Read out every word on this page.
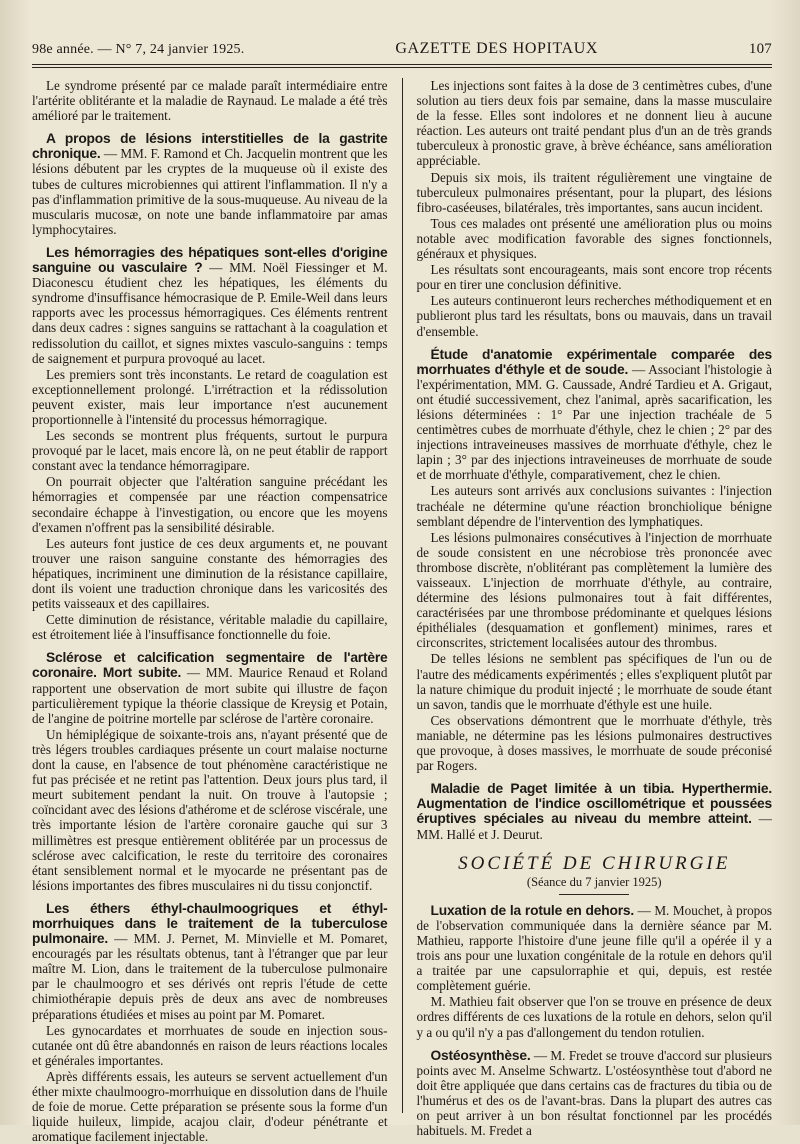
98e année. — N° 7, 24 janvier 1925.	GAZETTE DES HOPITAUX	107

Le syndrome présenté par ce malade paraît intermédiaire entre l'artérite oblitérante et la maladie de Raynaud. Le malade a été très amélioré par le traitement.

A propos de lésions interstitielles de la gastrite chronique. — MM. F. Ramond et Ch. Jacquelin montrent que les lésions débutent par les cryptes de la muqueuse où il existe des tubes de cultures microbiennes qui attirent l'inflammation. Il n'y a pas d'inflammation primitive de la sous-muqueuse. Au niveau de la muscularis mucosæ, on note une bande inflammatoire par amas lymphocytaires.

Les hémorragies des hépatiques sont-elles d'origine sanguine ou vasculaire ? — MM. Noël Fiessinger et M. Diaconescu étudient chez les hépatiques, les éléments du syndrome d'insuffisance hémocrasique de P. Emile-Weil dans leurs rapports avec les processus hémorragiques. Ces éléments rentrent dans deux cadres : signes sanguins se rattachant à la coagulation et redissolution du caillot, et signes mixtes vasculo-sanguins : temps de saignement et purpura provoqué au lacet.

Les premiers sont très inconstants. Le retard de coagulation est exceptionnellement prolongé. L'irrétraction et la rédissolution peuvent exister, mais leur importance n'est aucunement proportionnelle à l'intensité du processus hémorragique.

Les seconds se montrent plus fréquents, surtout le purpura provoqué par le lacet, mais encore là, on ne peut établir de rapport constant avec la tendance hémorragipare.

On pourrait objecter que l'altération sanguine précédant les hémorragies et compensée par une réaction compensatrice secondaire échappe à l'investigation, ou encore que les moyens d'examen n'offrent pas la sensibilité désirable.

Les auteurs font justice de ces deux arguments et, ne pouvant trouver une raison sanguine constante des hémorragies des hépatiques, incriminent une diminution de la résistance capillaire, dont ils voient une traduction chronique dans les varicosités des petits vaisseaux et des capillaires.

Cette diminution de résistance, véritable maladie du capillaire, est étroitement liée à l'insuffisance fonctionnelle du foie.

Sclérose et calcification segmentaire de l'artère coronaire. Mort subite. — MM. Maurice Renaud et Roland rapportent une observation de mort subite qui illustre de façon particulièrement typique la théorie classique de Kreysig et Potain, de l'angine de poitrine mortelle par sclérose de l'artère coronaire.

Un hémiplégique de soixante-trois ans, n'ayant présenté que de très légers troubles cardiaques présente un court malaise nocturne dont la cause, en l'absence de tout phénomène caractéristique ne fut pas précisée et ne retint pas l'attention. Deux jours plus tard, il meurt subitement pendant la nuit. On trouve à l'autopsie ; coïncidant avec des lésions d'athérome et de sclérose viscérale, une très importante lésion de l'artère coronaire gauche qui sur 3 millimètres est presque entièrement oblitérée par un processus de sclérose avec calcification, le reste du territoire des coronaires étant sensiblement normal et le myocarde ne présentant pas de lésions importantes des fibres musculaires ni du tissu conjonctif.

Les éthers éthyl-chaulmoogriques et éthyl-morrhuiques dans le traitement de la tuberculose pulmonaire. — MM. J. Pernet, M. Minvielle et M. Pomaret, encouragés par les résultats obtenus, tant à l'étranger que par leur maître M. Lion, dans le traitement de la tuberculose pulmonaire par le chaulmoogro et ses dérivés ont repris l'étude de cette chimiothérapie depuis près de deux ans avec de nombreuses préparations étudiées et mises au point par M. Pomaret.

Les gynocardates et morrhuates de soude en injection sous-cutanée ont dû être abandonnés en raison de leurs réactions locales et générales importantes.

Après différents essais, les auteurs se servent actuellement d'un éther mixte chaulmoogro-morrhuique en dissolution dans de l'huile de foie de morue. Cette préparation se présente sous la forme d'un liquide huileux, limpide, acajou clair, d'odeur pénétrante et aromatique facilement injectable.

Les injections sont faites à la dose de 3 centimètres cubes, d'une solution au tiers deux fois par semaine, dans la masse musculaire de la fesse. Elles sont indolores et ne donnent lieu à aucune réaction. Les auteurs ont traité pendant plus d'un an de très grands tuberculeux à pronostic grave, à brève échéance, sans amélioration appréciable.

Depuis six mois, ils traitent régulièrement une vingtaine de tuberculeux pulmonaires présentant, pour la plupart, des lésions fibro-caséeuses, bilatérales, très importantes, sans aucun incident.

Tous ces malades ont présenté une amélioration plus ou moins notable avec modification favorable des signes fonctionnels, généraux et physiques.

Les résultats sont encourageants, mais sont encore trop récents pour en tirer une conclusion définitive.

Les auteurs continueront leurs recherches méthodiquement et en publieront plus tard les résultats, bons ou mauvais, dans un travail d'ensemble.

Étude d'anatomie expérimentale comparée des morrhuates d'éthyle et de soude. — Associant l'histologie à l'expérimentation, MM. G. Caussade, André Tardieu et A. Grigaut, ont étudié successivement, chez l'animal, après sacarification, les lésions déterminées : 1° Par une injection trachéale de 5 centimètres cubes de morrhuate d'éthyle, chez le chien ; 2° par des injections intraveineuses massives de morrhuate d'éthyle, chez le lapin ; 3° par des injections intraveineuses de morrhuate de soude et de morrhuate d'éthyle, comparativement, chez le chien.

Les auteurs sont arrivés aux conclusions suivantes : l'injection trachéale ne détermine qu'une réaction bronchiolique bénigne semblant dépendre de l'intervention des lymphatiques.

Les lésions pulmonaires consécutives à l'injection de morrhuate de soude consistent en une nécrobiose très prononcée avec thrombose discrète, n'oblitérant pas complètement la lumière des vaisseaux. L'injection de morrhuate d'éthyle, au contraire, détermine des lésions pulmonaires tout à fait différentes, caractérisées par une thrombose prédominante et quelques lésions épithéliales (desquamation et gonflement) minimes, rares et circonscrites, strictement localisées autour des thrombus.

De telles lésions ne semblent pas spécifiques de l'un ou de l'autre des médicaments expérimentés ; elles s'expliquent plutôt par la nature chimique du produit injecté ; le morrhuate de soude étant un savon, tandis que le morrhuate d'éthyle est une huile.

Ces observations démontrent que le morrhuate d'éthyle, très maniable, ne détermine pas les lésions pulmonaires destructives que provoque, à doses massives, le morrhuate de soude préconisé par Rogers.

Maladie de Paget limitée à un tibia. Hyperthermie. Augmentation de l'indice oscillométrique et poussées éruptives spéciales au niveau du membre atteint. — MM. Hallé et J. Deurut.

SOCIÉTÉ DE CHIRURGIE
(Séance du 7 janvier 1925)

Luxation de la rotule en dehors. — M. Mouchet, à propos de l'observation communiquée dans la dernière séance par M. Mathieu, rapporte l'histoire d'une jeune fille qu'il a opérée il y a trois ans pour une luxation congénitale de la rotule en dehors qu'il a traitée par une capsulorraphie et qui, depuis, est restée complètement guérie.

M. Mathieu fait observer que l'on se trouve en présence de deux ordres différents de ces luxations de la rotule en dehors, selon qu'il y a ou qu'il n'y a pas d'allongement du tendon rotulien.

Ostéosynthèse. — M. Fredet se trouve d'accord sur plusieurs points avec M. Anselme Schwartz. L'ostéosynthèse tout d'abord ne doit être appliquée que dans certains cas de fractures du tibia ou de l'humérus et des os de l'avant-bras. Dans la plupart des autres cas on peut arriver à un bon résultat fonctionnel par les procédés habituels. M. Fredet a
